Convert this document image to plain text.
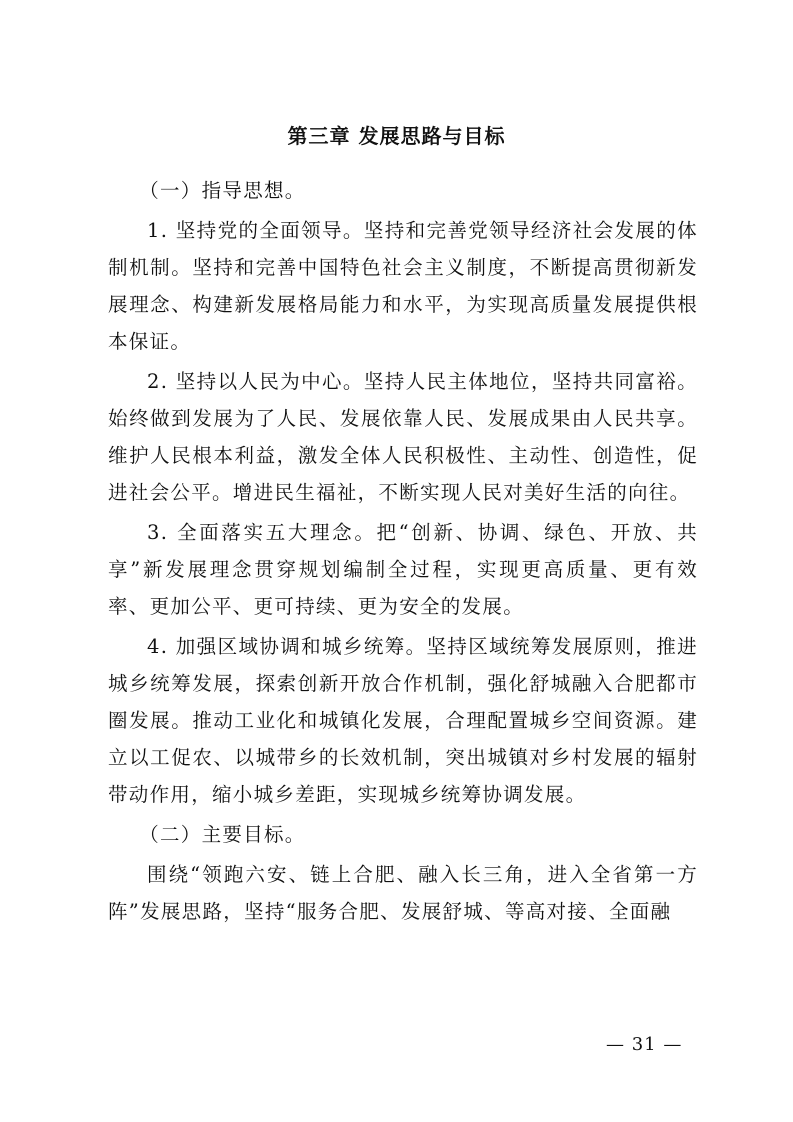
第三章 发展思路与目标

（一）指导思想。

1. 坚持党的全面领导。坚持和完善党领导经济社会发展的体制机制。坚持和完善中国特色社会主义制度，不断提高贯彻新发展理念、构建新发展格局能力和水平，为实现高质量发展提供根本保证。

2. 坚持以人民为中心。坚持人民主体地位，坚持共同富裕。始终做到发展为了人民、发展依靠人民、发展成果由人民共享。维护人民根本利益，激发全体人民积极性、主动性、创造性，促进社会公平。增进民生福祉，不断实现人民对美好生活的向往。

3. 全面落实五大理念。把“创新、协调、绿色、开放、共享”新发展理念贯穿规划编制全过程，实现更高质量、更有效率、更加公平、更可持续、更为安全的发展。

4. 加强区域协调和城乡统筹。坚持区域统筹发展原则，推进城乡统筹发展，探索创新开放合作机制，强化舒城融入合肥都市圈发展。推动工业化和城镇化发展，合理配置城乡空间资源。建立以工促农、以城带乡的长效机制，突出城镇对乡村发展的辐射带动作用，缩小城乡差距，实现城乡统筹协调发展。

（二）主要目标。

围绕“领跑六安、链上合肥、融入长三角，进入全省第一方阵”发展思路，坚持“服务合肥、发展舒城、等高对接、全面融

— 31 —
